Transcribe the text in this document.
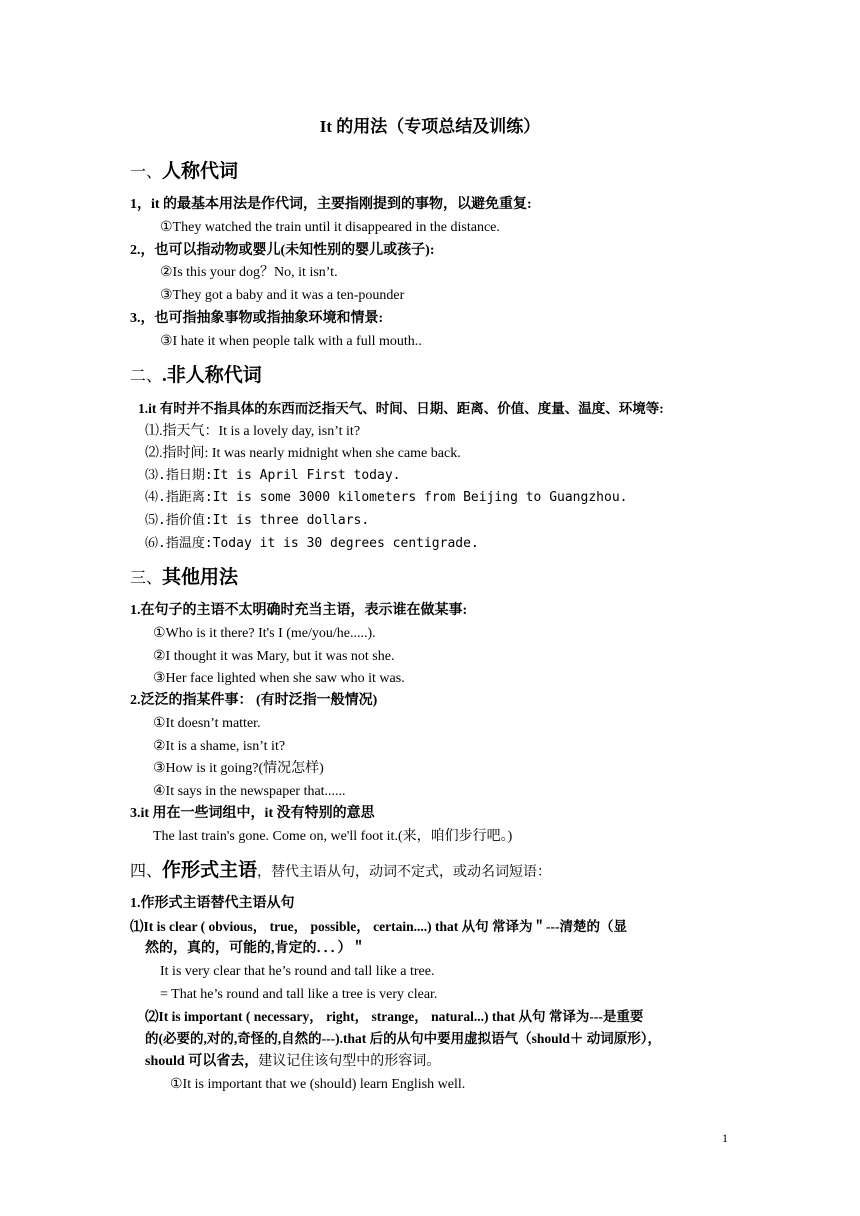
It 的用法（专项总结及训练）
一、人称代词
1，it 的最基本用法是作代词，主要指刚提到的事物，以避免重复:
①They watched the train until it disappeared in the distance.
2.，也可以指动物或婴儿(未知性别的婴儿或孩子):
②Is this your dog？No, it isn’t.
③They got a baby and it was a ten-pounder
3.，也可指抽象事物或指抽象环境和情景:
③I hate it when people talk with a full mouth..
二、.非人称代词
1.it 有时并不指具体的东西而泛指天气、时间、日期、距离、价值、度量、温度、环境等:
⑴.指天气：It is a lovely day, isn’t it?
⑵.指时间: It was nearly midnight when she came back.
⑶.指日期:It is April First today.
⑷.指距离:It is some 3000 kilometers from Beijing to Guangzhou.
⑸.指价值:It is three dollars.
⑹.指温度:Today it is 30 degrees centigrade.
三、其他用法
1.在句子的主语不太明确时充当主语，表示谁在做某事:
①Who is it there? It's I (me/you/he.....).
②I thought it was Mary, but it was not she.
③Her face lighted when she saw who it was.
2.泛泛的指某件事： (有时泛指一般情况)
①It doesn’t matter.
②It is a shame, isn’t it?
③How is it going?(情况怎样)
④It says in the newspaper that......
3.it 用在一些词组中，it 没有特别的意思
The last train's gone. Come on, we'll foot it.(来，咱们步行吧。)
四、作形式主语，替代主语从句，动词不定式，或动名词短语：
1.作形式主语替代主语从句
⑴It is clear ( obvious， true， possible， certain....) that 从句 常译为＂---清楚的（显
然的，真的，可能的,肯定的．．．）＂
It is very clear that he’s round and tall like a tree.
= That he’s round and tall like a tree is very clear.
⑵It is important ( necessary， right， strange， natural...) that 从句 常译为---是重要
的(必要的,对的,奇怪的,自然的---).that 后的从句中要用虚拟语气（should＋ 动词原形），
should 可以省去，建议记住该句型中的形容词。
①It is important that we (should) learn English well.
1
